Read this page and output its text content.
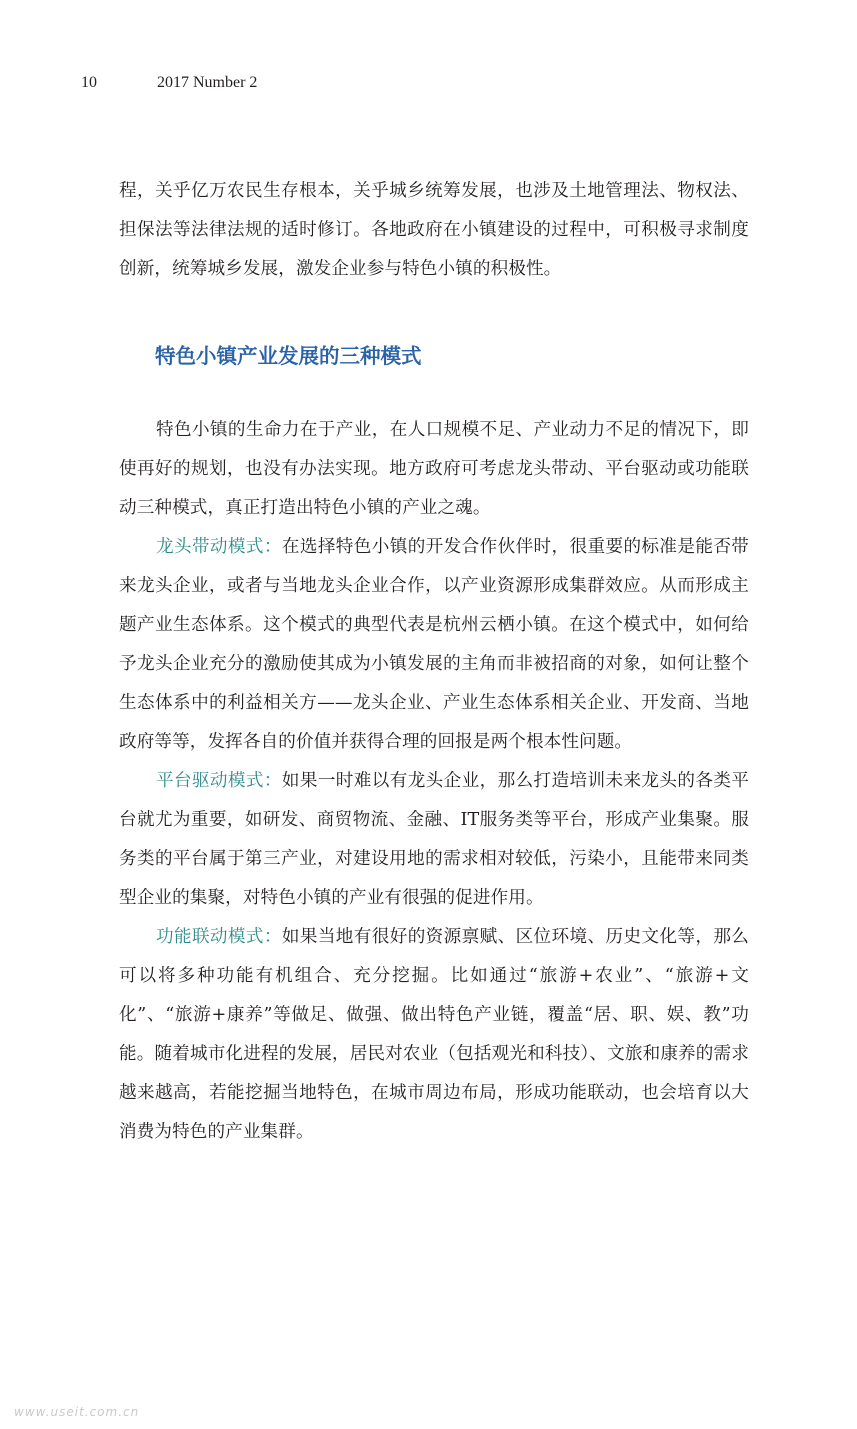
10	2017 Number 2

程，关乎亿万农民生存根本，关乎城乡统筹发展，也涉及土地管理法、物权法、担保法等法律法规的适时修订。各地政府在小镇建设的过程中，可积极寻求制度创新，统筹城乡发展，激发企业参与特色小镇的积极性。

特色小镇产业发展的三种模式

特色小镇的生命力在于产业，在人口规模不足、产业动力不足的情况下，即使再好的规划，也没有办法实现。地方政府可考虑龙头带动、平台驱动或功能联动三种模式，真正打造出特色小镇的产业之魂。

龙头带动模式：在选择特色小镇的开发合作伙伴时，很重要的标准是能否带来龙头企业，或者与当地龙头企业合作，以产业资源形成集群效应。从而形成主题产业生态体系。这个模式的典型代表是杭州云栖小镇。在这个模式中，如何给予龙头企业充分的激励使其成为小镇发展的主角而非被招商的对象，如何让整个生态体系中的利益相关方——龙头企业、产业生态体系相关企业、开发商、当地政府等等，发挥各自的价值并获得合理的回报是两个根本性问题。

平台驱动模式：如果一时难以有龙头企业，那么打造培训未来龙头的各类平台就尤为重要，如研发、商贸物流、金融、IT服务类等平台，形成产业集聚。服务类的平台属于第三产业，对建设用地的需求相对较低，污染小，且能带来同类型企业的集聚，对特色小镇的产业有很强的促进作用。

功能联动模式：如果当地有很好的资源禀赋、区位环境、历史文化等，那么可以将多种功能有机组合、充分挖掘。比如通过“旅游+农业”、“旅游+文化”、“旅游+康养”等做足、做强、做出特色产业链，覆盖“居、职、娱、教”功能。随着城市化进程的发展，居民对农业（包括观光和科技）、文旅和康养的需求越来越高，若能挖掘当地特色，在城市周边布局，形成功能联动，也会培育以大消费为特色的产业集群。

www.useit.com.cn
